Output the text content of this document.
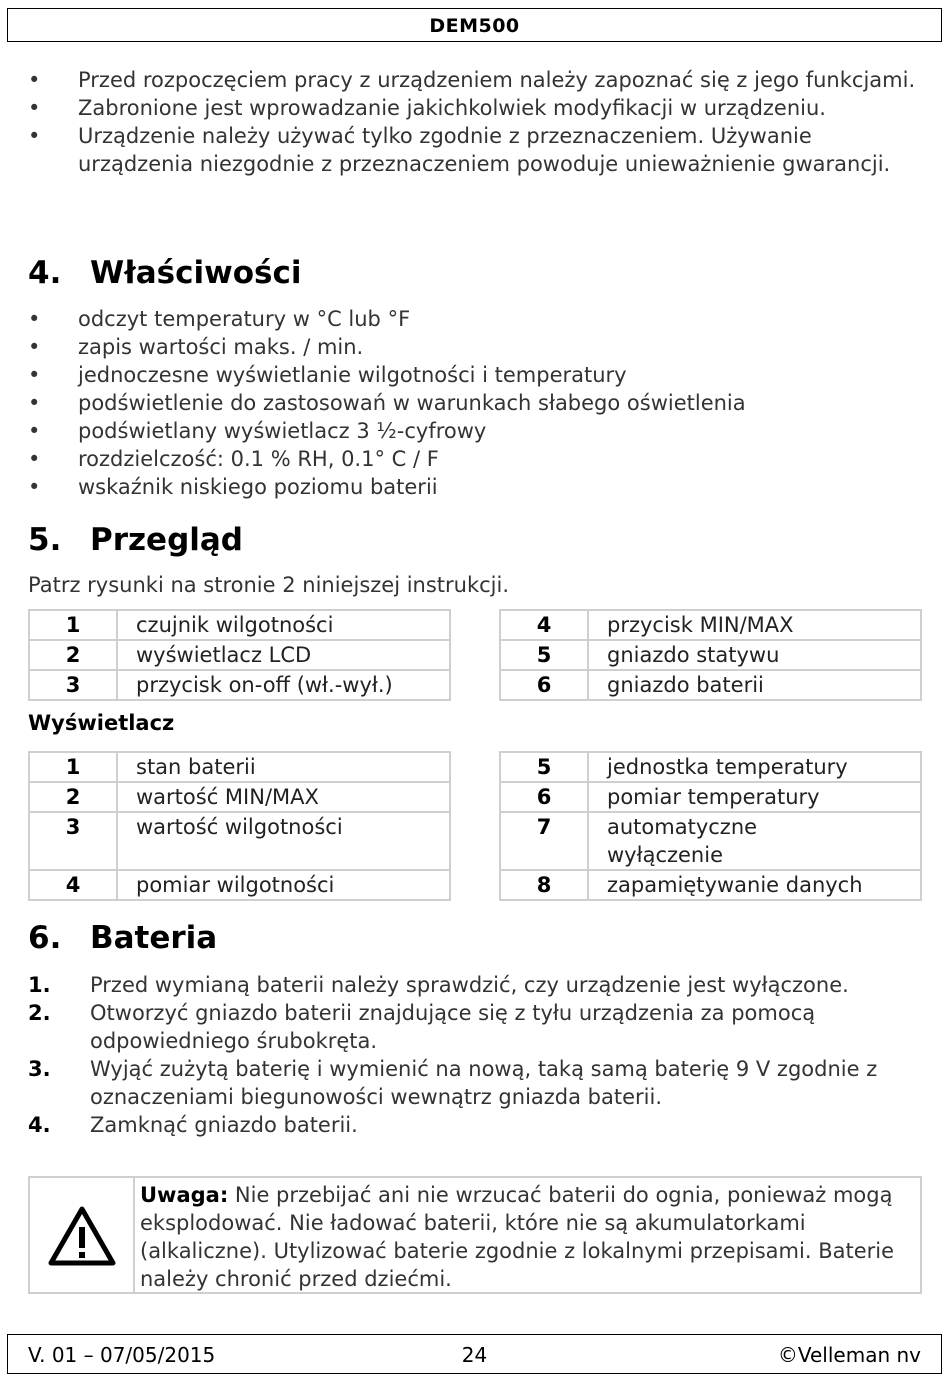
DEM500
•	Przed rozpoczęciem pracy z urządzeniem należy zapoznać się z jego funkcjami.
•	Zabronione jest wprowadzanie jakichkolwiek modyfikacji w urządzeniu.
•	Urządzenie należy używać tylko zgodnie z przeznaczeniem. Używanie urządzenia niezgodnie z przeznaczeniem powoduje unieważnienie gwarancji.
4. Właściwości
•	odczyt temperatury w °C lub °F
•	zapis wartości maks. / min.
•	jednoczesne wyświetlanie wilgotności i temperatury
•	podświetlenie do zastosowań w warunkach słabego oświetlenia
•	podświetlany wyświetlacz 3 ½-cyfrowy
•	rozdzielczość: 0.1 % RH, 0.1° C / F
•	wskaźnik niskiego poziomu baterii
5. Przegląd
Patrz rysunki na stronie 2 niniejszej instrukcji.
1	czujnik wilgotności
2	wyświetlacz LCD
3	przycisk on-off (wł.-wył.)
4	przycisk MIN/MAX
5	gniazdo statywu
6	gniazdo baterii
Wyświetlacz
1	stan baterii
2	wartość MIN/MAX
3	wartość wilgotności
4	pomiar wilgotności
5	jednostka temperatury
6	pomiar temperatury
7	automatyczne wyłączenie
8	zapamiętywanie danych
6. Bateria
1. Przed wymianą baterii należy sprawdzić, czy urządzenie jest wyłączone.
2. Otworzyć gniazdo baterii znajdujące się z tyłu urządzenia za pomocą odpowiedniego śrubokręta.
3. Wyjąć zużytą baterię i wymienić na nową, taką samą baterię 9 V zgodnie z oznaczeniami biegunowości wewnątrz gniazda baterii.
4. Zamknąć gniazdo baterii.
Uwaga: Nie przebijać ani nie wrzucać baterii do ognia, ponieważ mogą eksplodować. Nie ładować baterii, które nie są akumulatorkami (alkaliczne). Utylizować baterie zgodnie z lokalnymi przepisami. Baterie należy chronić przed dziećmi.
V. 01 – 07/05/2015	24	©Velleman nv
